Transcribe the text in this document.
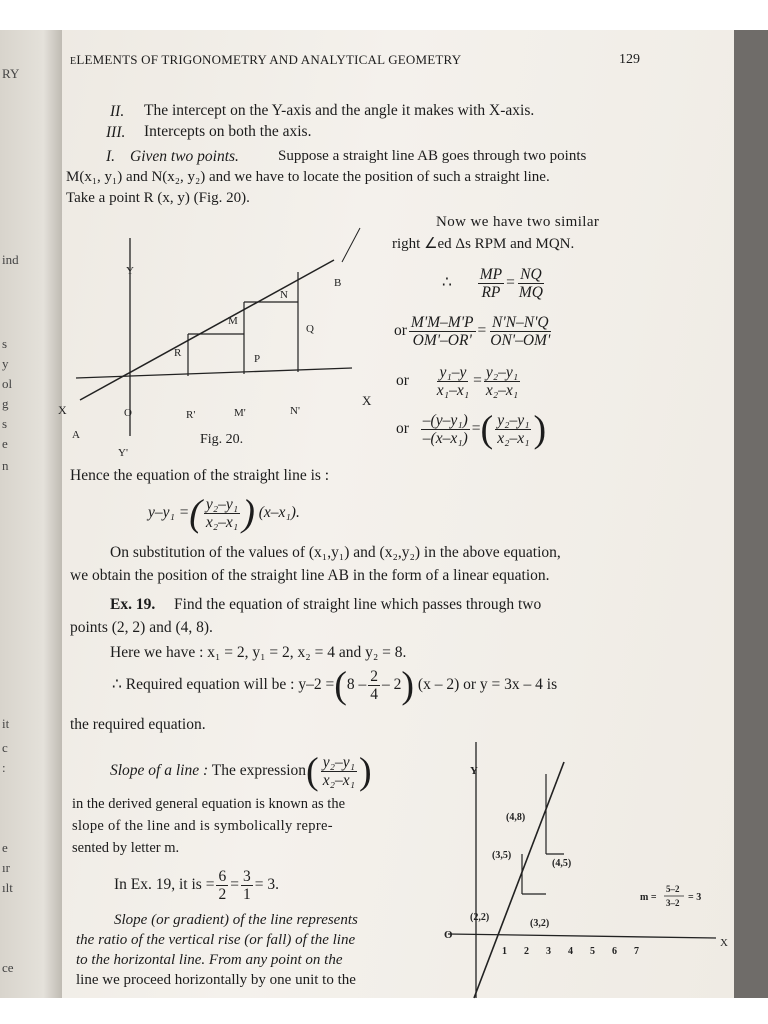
RY
ind
s
y
ol
g
s
e
n
it
c
:
e
ır
ılt
ce
ELEMENTS OF TRIGONOMETRY AND ANALYTICAL GEOMETRY	129
II. The intercept on the Y-axis and the angle it makes with X-axis.
III. Intercepts on both the axis.
I. Given two points.	Suppose a straight line AB goes through two points
M(x₁, y₁) and N(x₂, y₂) and we have to locate the position of such a straight line.
Take a point R (x, y) (Fig. 20).
Y
Y'
X
X	O
A
B
M
N
Q
R	P
R'	M'	N'
Fig. 20.
Now we have two similar
right ∠ed Δs RPM and MQN.
∴ $\frac{MP}{RP} = \frac{NQ}{MQ}$
or $\frac{M'M-M'P}{OM'-OR'} = \frac{N'N-N'Q}{ON'-OM'}$
or $\frac{\text{y₁–y}}{\text{x₁–x₁}} = \frac{\text{y₂–y₁}}{\text{x₂–x₁}}$
or $\frac{\text{–(y–y₁)}}{\text{–(x–x₁)}}$ =( $\frac{\text{y₂–y₁}}{\text{x₂–x₁}}$ )
Hence the equation of the straight line is :
y–y₁ =( $\frac{\text{y₂–y₁}}{\text{x₂–x₁}}$ ) (x–x₁).
On substitution of the values of (x₁,y₁) and (x₂,y₂) in the above equation,
we obtain the position of the straight line AB in the form of a linear equation.
Ex. 19. Find the equation of straight line which passes through two
points (2, 2) and (4, 8).
Here we have : x₁ = 2, y₁ = 2, x₂ = 4 and y₂ = 8.
∴ Required equation will be : $y-2 =(8 - \frac{2}{4} - 2)$ (x – 2) or y = 3x – 4 is
the required equation.
Slope of a line : The expression( $\frac{\text{y₂–y₁}}{\text{x₂–x₁}}$ )
in the derived general equation is known as the
slope of the line and is symbolically repre-
sented by letter m.
In Ex. 19, it is = $\frac{6}{2} = \frac{3}{1} = 3$.
Slope (or gradient) of the line represents
the ratio of the vertical rise (or fall) of the line
to the horizontal line. From any point on the
line we proceed horizontally by one unit to the
Y
X
O
(4,8)
(3,5)
(4,5)
(2,2)
(3,2)
m =
5–2
3–2 = 3
1 2 3 4 5 6 7
